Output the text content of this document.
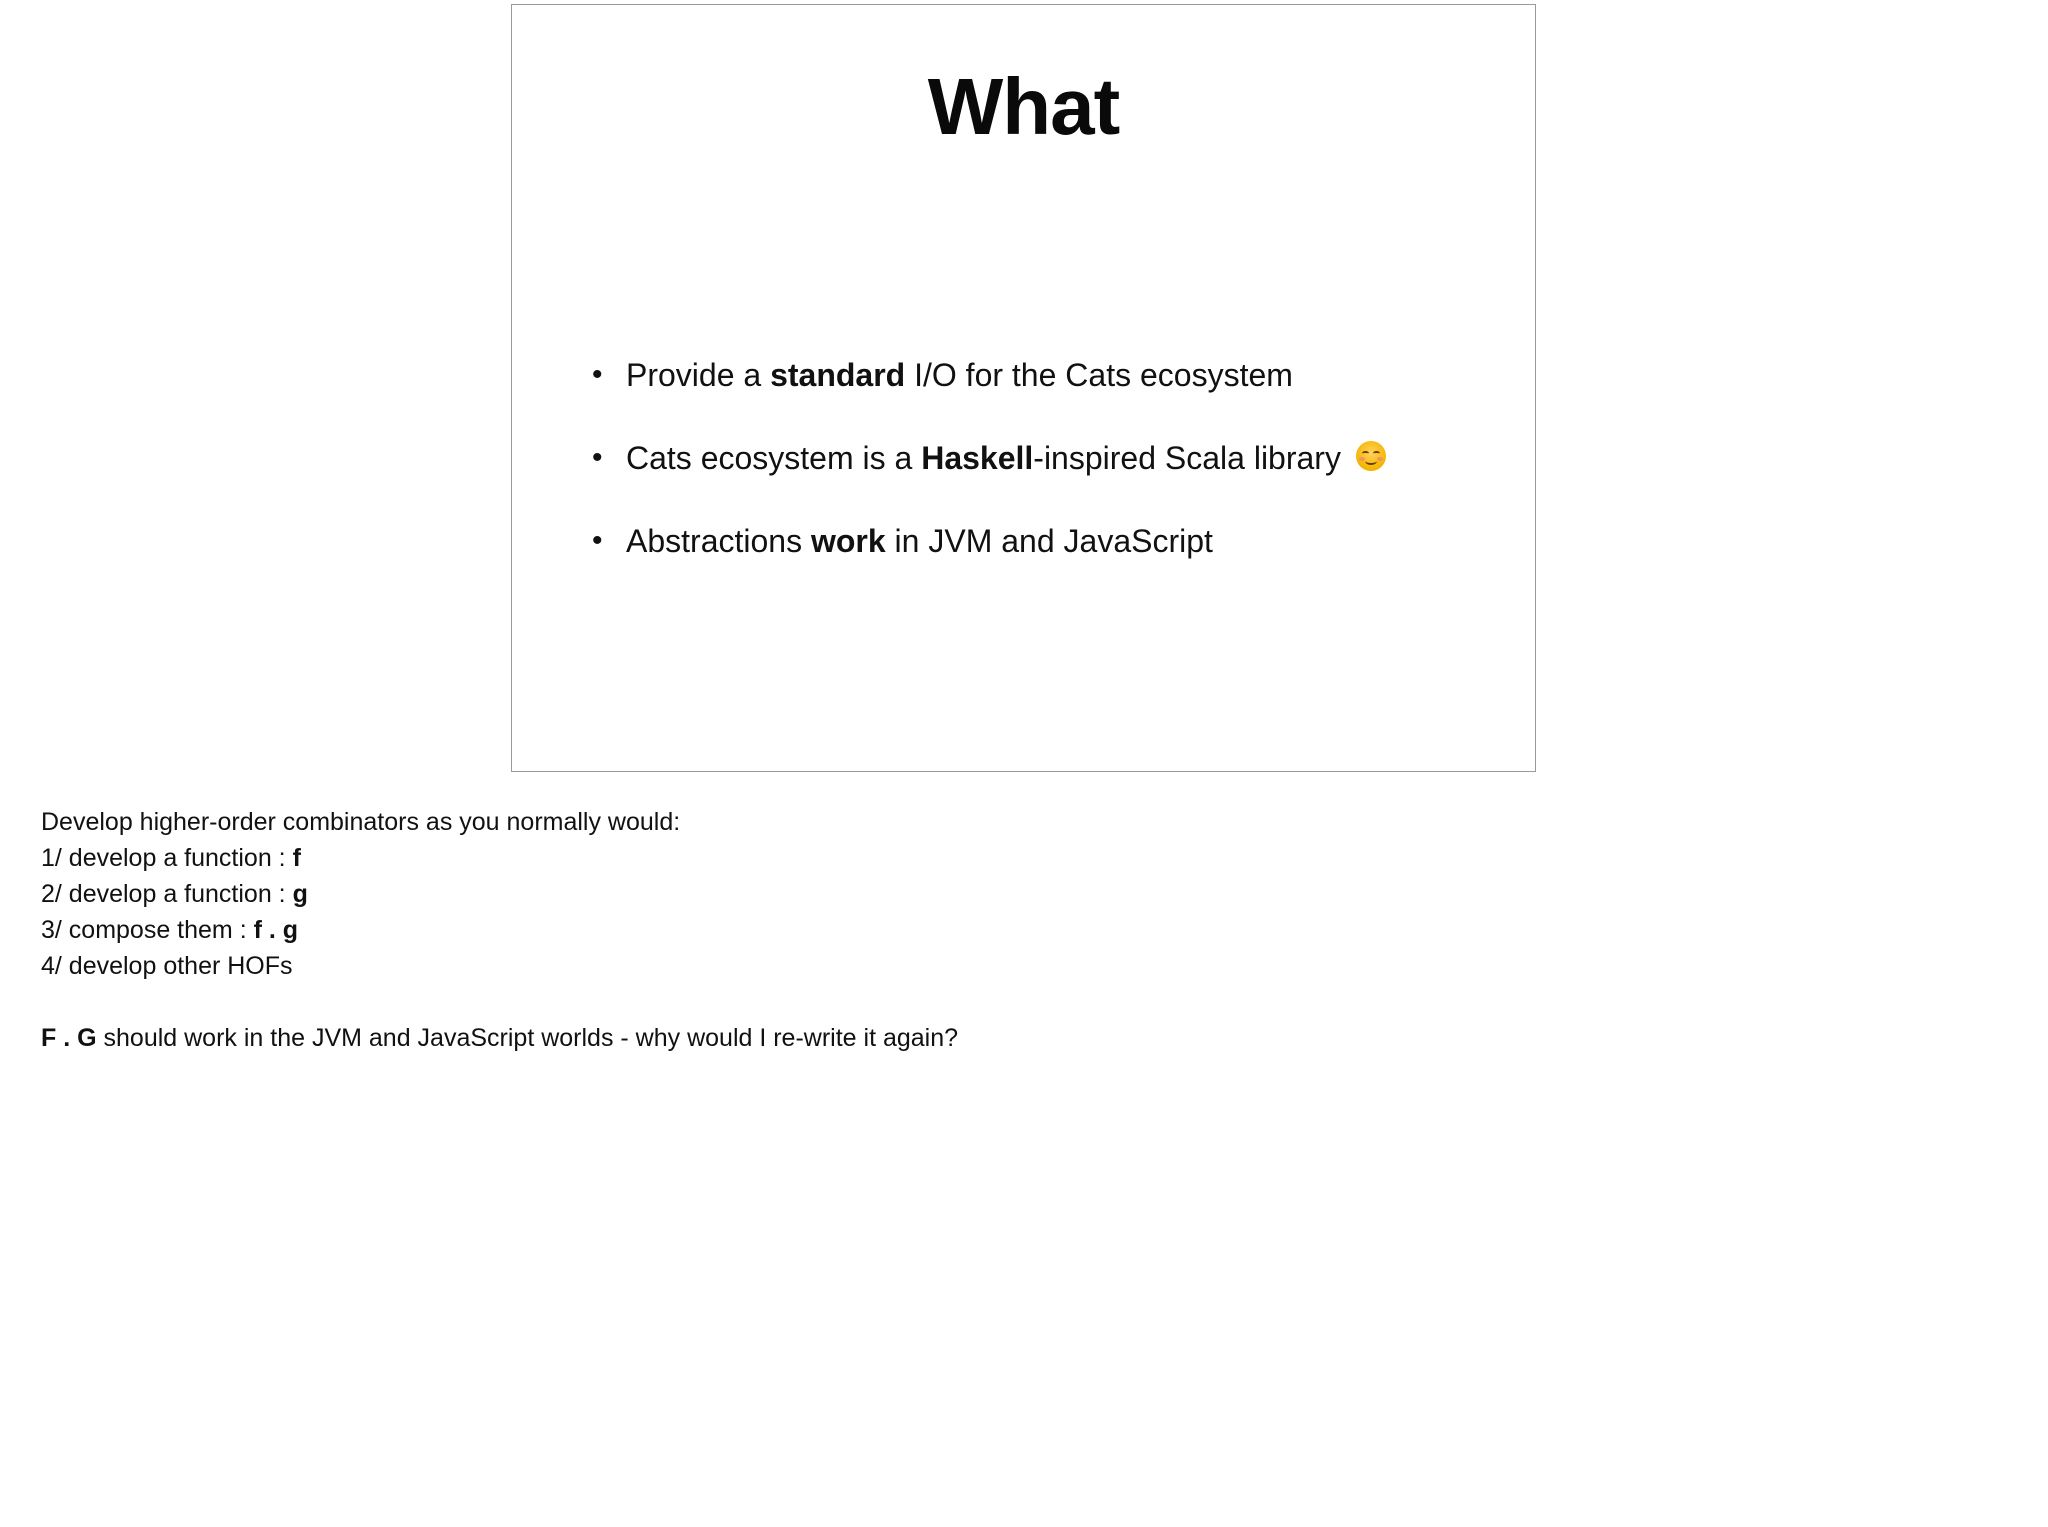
What
• Provide a standard I/O for the Cats ecosystem
• Cats ecosystem is a Haskell-inspired Scala library
• Abstractions work in JVM and JavaScript
Develop higher-order combinators as you normally would:
1/ develop a function : f
2/ develop a function : g
3/ compose them : f . g
4/ develop other HOFs
F . G should work in the JVM and JavaScript worlds - why would I re-write it again?
